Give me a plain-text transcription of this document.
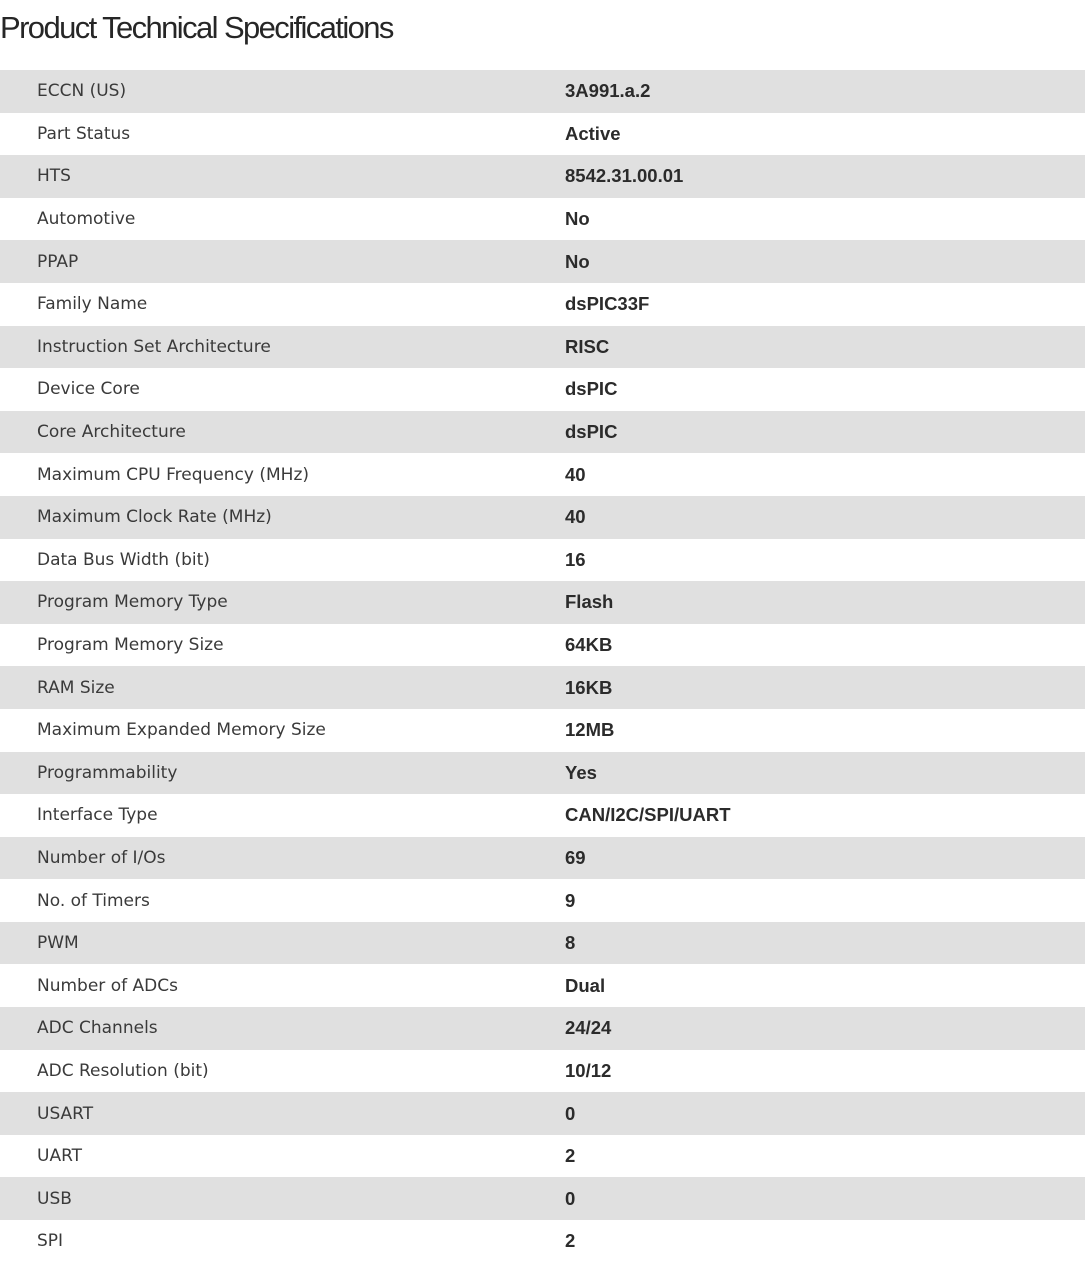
Product Technical Specifications
ECCN (US)	3A991.a.2
Part Status	Active
HTS	8542.31.00.01
Automotive	No
PPAP	No
Family Name	dsPIC33F
Instruction Set Architecture	RISC
Device Core	dsPIC
Core Architecture	dsPIC
Maximum CPU Frequency (MHz)	40
Maximum Clock Rate (MHz)	40
Data Bus Width (bit)	16
Program Memory Type	Flash
Program Memory Size	64KB
RAM Size	16KB
Maximum Expanded Memory Size	12MB
Programmability	Yes
Interface Type	CAN/I2C/SPI/UART
Number of I/Os	69
No. of Timers	9
PWM	8
Number of ADCs	Dual
ADC Channels	24/24
ADC Resolution (bit)	10/12
USART	0
UART	2
USB	0
SPI	2
